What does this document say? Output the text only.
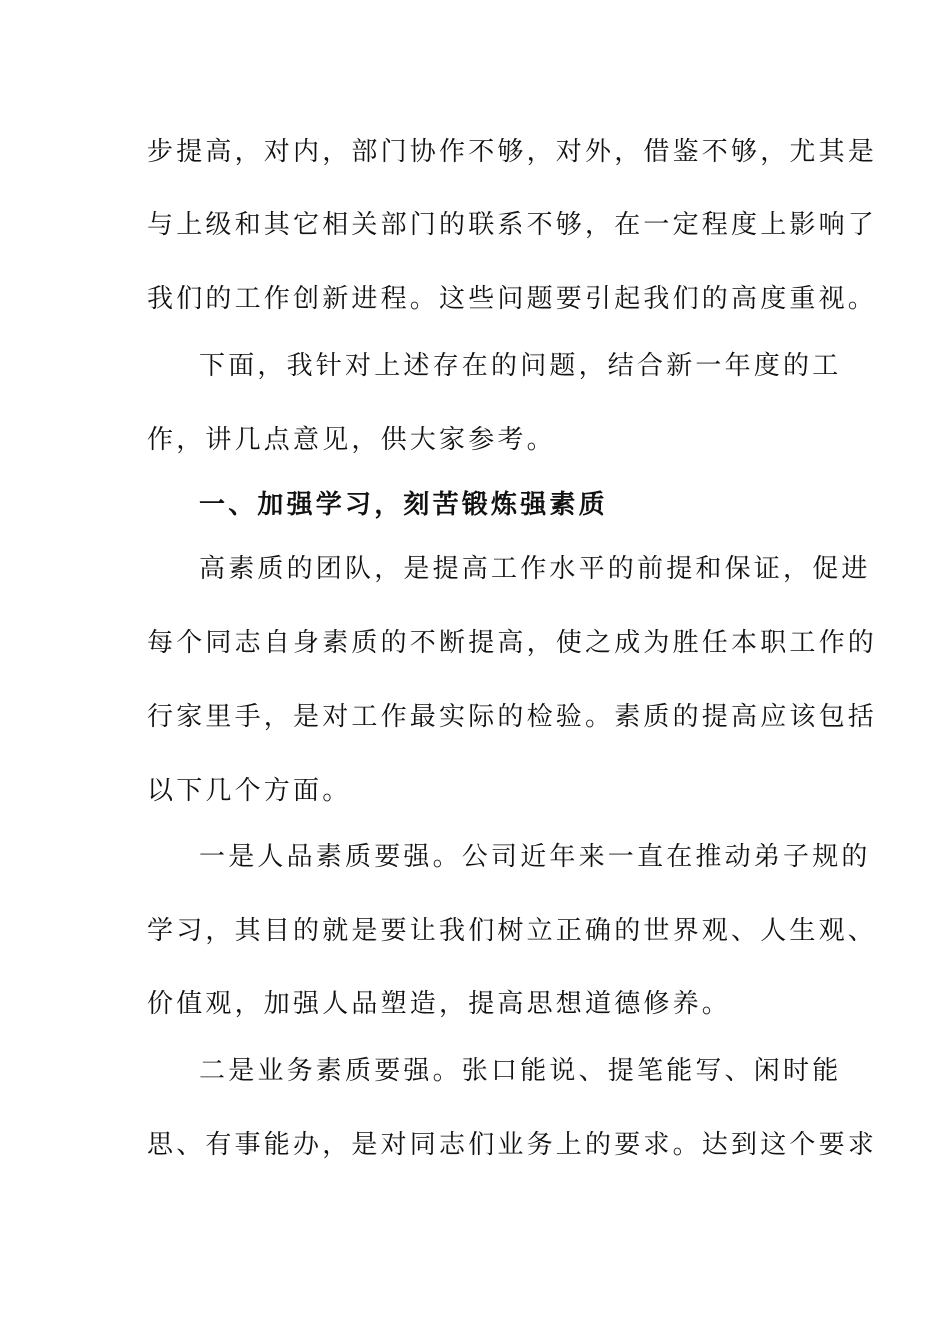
步提高，对内，部门协作不够，对外，借鉴不够，尤其是
与上级和其它相关部门的联系不够，在一定程度上影响了
我们的工作创新进程。这些问题要引起我们的高度重视。
下面，我针对上述存在的问题，结合新一年度的工
作，讲几点意见，供大家参考。
一、加强学习，刻苦锻炼强素质
高素质的团队，是提高工作水平的前提和保证，促进
每个同志自身素质的不断提高，使之成为胜任本职工作的
行家里手，是对工作最实际的检验。素质的提高应该包括
以下几个方面。
一是人品素质要强。公司近年来一直在推动弟子规的
学习，其目的就是要让我们树立正确的世界观、人生观、
价值观，加强人品塑造，提高思想道德修养。
二是业务素质要强。张口能说、提笔能写、闲时能
思、有事能办，是对同志们业务上的要求。达到这个要求
